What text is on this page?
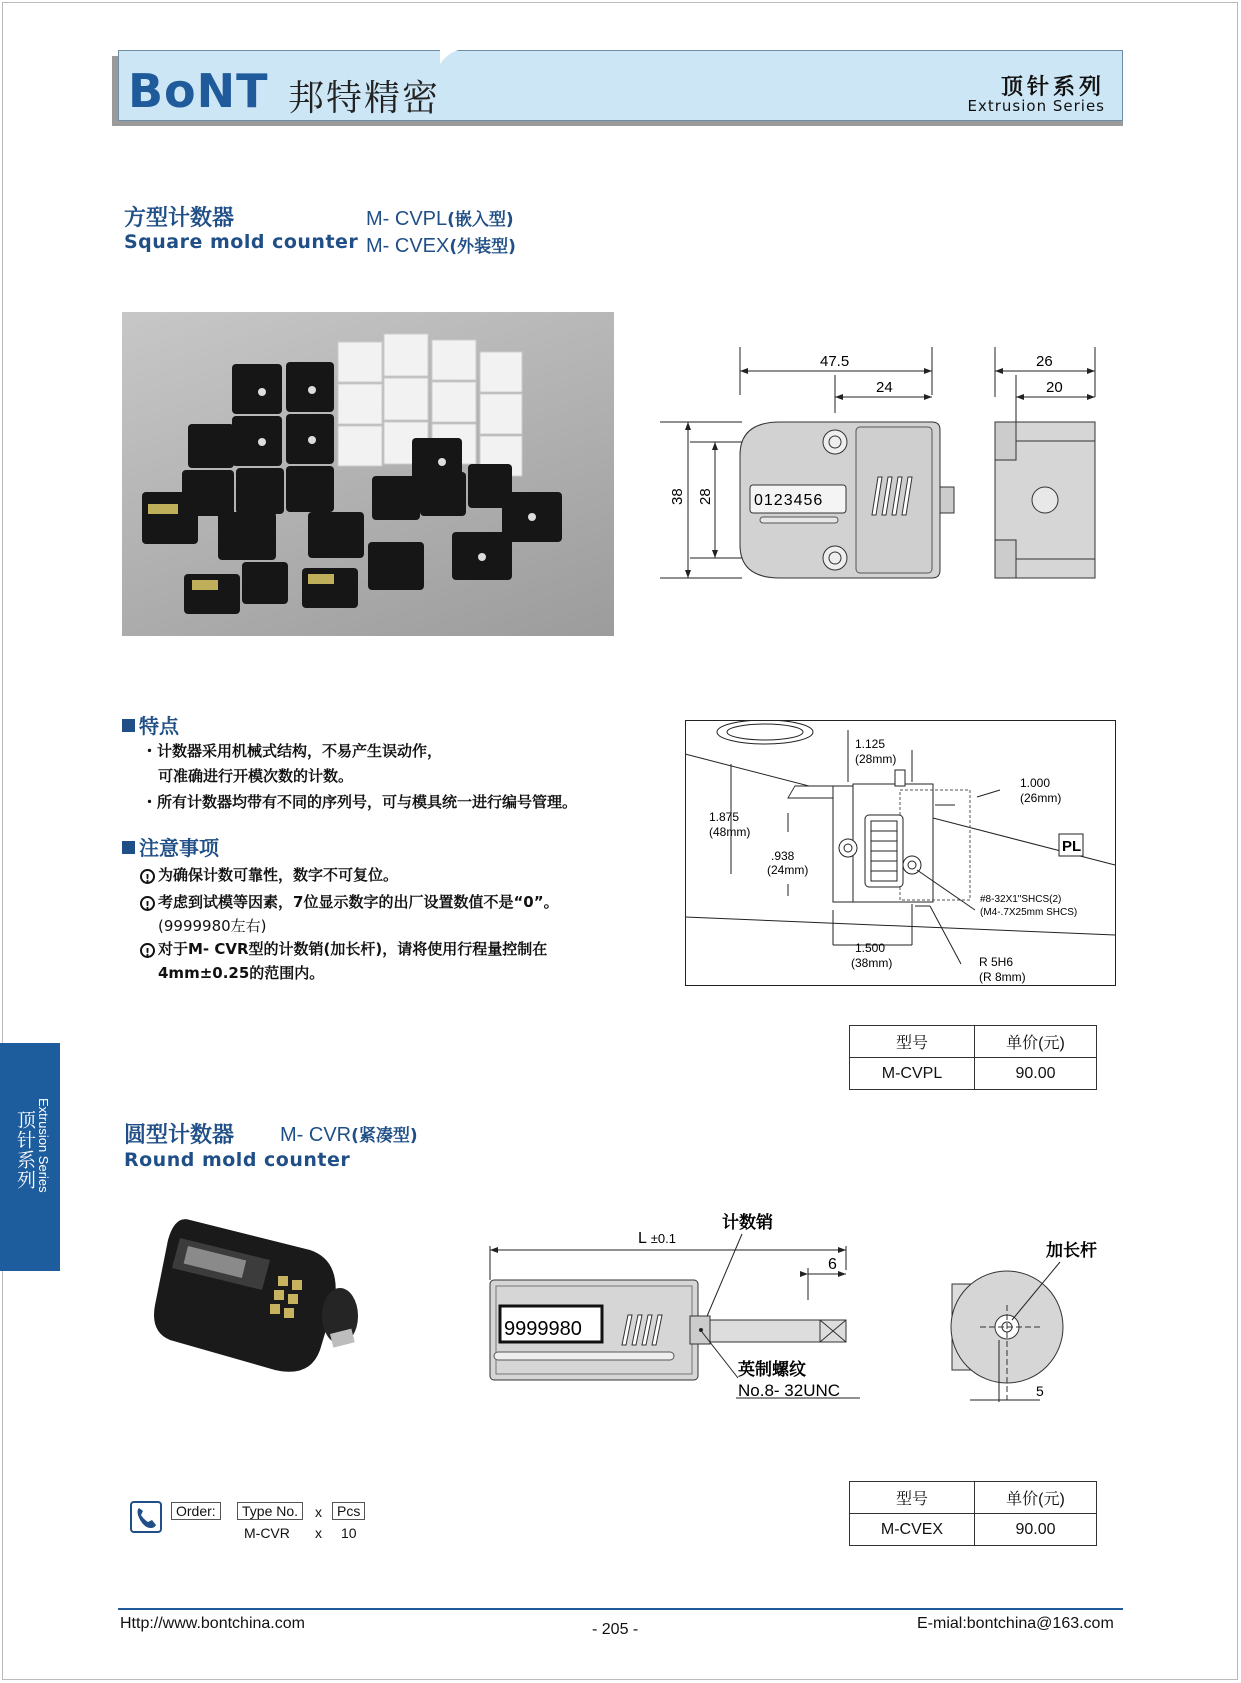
BoNT 邦特精密	顶针系列
Extrusion Series
方型计数器
Square mold counter
M- CVPL(嵌入型)
M- CVEX(外装型)
47.5
24
38 28	0123456
26
20
特点
・计数器采用机械式结构，不易产生误动作，
可准确进行开模次数的计数。
・所有计数器均带有不同的序列号，可与模具统一进行编号管理。
注意事项
! 为确保计数可靠性，数字不可复位。
! 考虑到试模等因素，7位显示数字的出厂设置数值不是“0”。
(9999980左右)
! 对于M- CVR型的计数销(加长杆)，请将使用行程量控制在
4mm±0.25的范围内。
1.125
(28mm)
1.000
(26mm)
1.875
(48mm)
.938
(24mm)
#8-32X1"SHCS(2)
(M4-.7X25mm SHCS)
1.500
(38mm)	R 5H6
(R 8mm)
PL
型号	单价(元)
M-CVPL	90.00
顶针系列 Extrusion Series	圆型计数器 M- CVR(紧凑型)
Round mold counter
L ±0.1
计数销
6
9999980
英制螺纹
No.8- 32UNC
加长杆
5
Order:	Type No.	x	Pcs
M-CVR x 10
型号	单价(元)
M-CVEX	90.00
Http://www.bontchina.com	- 205 -	E-mial:bontchina@163.com
